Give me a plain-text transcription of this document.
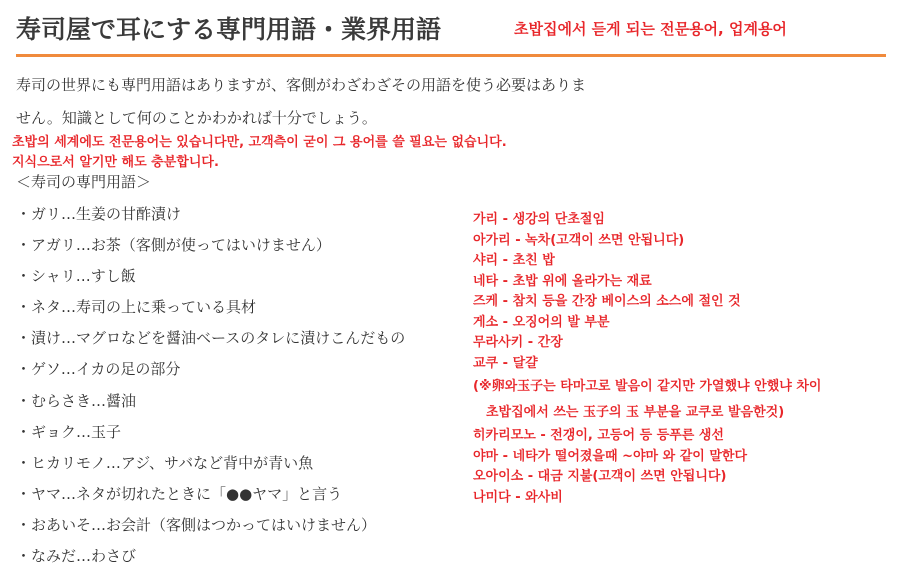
寿司屋で耳にする専門用語・業界用語	초밥집에서 듣게 되는 전문용어, 업계용어
寿司の世界にも専門用語はありますが、客側がわざわざその用語を使う必要はありま
せん。知識として何のことかわかれば十分でしょう。
초밥의 세계에도 전문용어는 있습니다만, 고객측이 굳이 그 용어를 쓸 필요는 없습니다.
지식으로서 알기만 해도 충분합니다.
＜寿司の専門用語＞
・ガリ…生姜の甘酢漬け
・アガリ…お茶（客側が使ってはいけません）
・シャリ…すし飯
・ネタ…寿司の上に乗っている具材
・漬け…マグロなどを醤油ベースのタレに漬けこんだもの
・ゲソ…イカの足の部分
・むらさき…醤油
・ギョク…玉子
・ヒカリモノ…アジ、サバなど背中が青い魚
・ヤマ…ネタが切れたときに「●●ヤマ」と言う
・おあいそ…お会計（客側はつかってはいけません）
・なみだ…わさび
가리 - 생강의 단초절임
아가리 - 녹차(고객이 쓰면 안됩니다)
샤리 - 초친 밥
네타 - 초밥 위에 올라가는 재료
즈케 - 참치 등을 간장 베이스의 소스에 절인 것
게소 - 오징어의 발 부분
무라사키 - 간장
교쿠 - 달걀
(※卵와玉子는 타마고로 발음이 같지만 가열했냐 안했냐 차이
　초밥집에서 쓰는 玉子의 玉 부분을 교쿠로 발음한것)
히카리모노 - 전갱이, 고등어 등 등푸른 생선
야마 - 네타가 떨어졌을때 ~야마 와 같이 말한다
오아이소 - 대금 지불(고객이 쓰면 안됩니다)
나미다 - 와사비
